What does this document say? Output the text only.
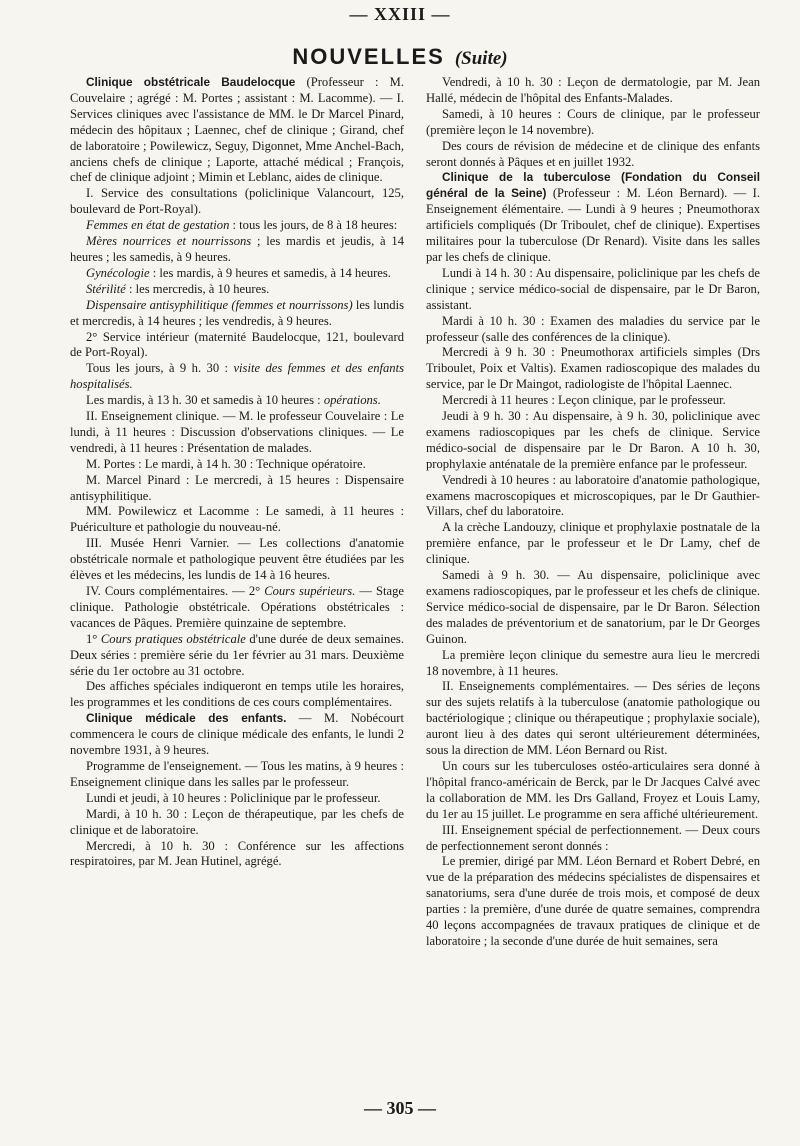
— XXIII —
NOUVELLES (Suite)

Clinique obstétricale Baudelocque (Professeur : M. Couvelaire ; agrégé : M. Portes ; assistant : M. Lacomme). — I. Services cliniques avec l'assistance de MM. le Dr Marcel Pinard, médecin des hôpitaux ; Laennec, chef de clinique ; Girand, chef de laboratoire ; Powilewicz, Seguy, Digonnet, Mme Anchel-Bach, anciens chefs de clinique ; Laporte, attaché médical ; François, chef de clinique adjoint ; Mimin et Leblanc, aides de clinique.

I. Service des consultations (policlinique Valancourt, 125, boulevard de Port-Royal).

Femmes en état de gestation : tous les jours, de 8 à 18 heures:

Mères nourrices et nourrissons ; les mardis et jeudis, à 14 heures ; les samedis, à 9 heures.

Gynécologie : les mardis, à 9 heures et samedis, à 14 heures.

Stérilité : les mercredis, à 10 heures.

Dispensaire antisyphilitique (femmes et nourrissons) les lundis et mercredis, à 14 heures ; les vendredis, à 9 heures.

2° Service intérieur (maternité Baudelocque, 121, boulevard de Port-Royal).

Tous les jours, à 9 h. 30 : visite des femmes et des enfants hospitalisés.

Les mardis, à 13 h. 30 et samedis à 10 heures : opérations.

II. Enseignement clinique. — M. le professeur Couvelaire : Le lundi, à 11 heures : Discussion d'observations cliniques. — Le vendredi, à 11 heures : Présentation de malades.

M. Portes : Le mardi, à 14 h. 30 : Technique opératoire.

M. Marcel Pinard : Le mercredi, à 15 heures : Dispensaire antisyphilitique.

MM. Powilewicz et Lacomme : Le samedi, à 11 heures : Puériculture et pathologie du nouveau-né.

III. Musée Henri Varnier. — Les collections d'anatomie obstétricale normale et pathologique peuvent être étudiées par les élèves et les médecins, les lundis de 14 à 16 heures.

IV. Cours complémentaires. — 2° Cours supérieurs. — Stage clinique. Pathologie obstétricale. Opérations obstétricales : vacances de Pâques. Première quinzaine de septembre.

1° Cours pratiques obstétricale d'une durée de deux semaines. Deux séries : première série du 1er février au 31 mars. Deuxième série du 1er octobre au 31 octobre.

Des affiches spéciales indiqueront en temps utile les horaires, les programmes et les conditions de ces cours complémentaires.

Clinique médicale des enfants. — M. Nobécourt commencera le cours de clinique médicale des enfants, le lundi 2 novembre 1931, à 9 heures.

Programme de l'enseignement. — Tous les matins, à 9 heures : Enseignement clinique dans les salles par le professeur.

Lundi et jeudi, à 10 heures : Policlinique par le professeur.

Mardi, à 10 h. 30 : Leçon de thérapeutique, par les chefs de clinique et de laboratoire.

Mercredi, à 10 h. 30 : Conférence sur les affections respiratoires, par M. Jean Hutinel, agrégé.

Vendredi, à 10 h. 30 : Leçon de dermatologie, par M. Jean Hallé, médecin de l'hôpital des Enfants-Malades.

Samedi, à 10 heures : Cours de clinique, par le professeur (première leçon le 14 novembre).

Des cours de révision de médecine et de clinique des enfants seront donnés à Pâques et en juillet 1932.

Clinique de la tuberculose (Fondation du Conseil général de la Seine) (Professeur : M. Léon Bernard). — I. Enseignement élémentaire. — Lundi à 9 heures ; Pneumothorax artificiels compliqués (Dr Triboulet, chef de clinique). Expertises militaires pour la tuberculose (Dr Renard). Visite dans les salles par les chefs de clinique.

Lundi à 14 h. 30 : Au dispensaire, policlinique par les chefs de clinique ; service médico-social de dispensaire, par le Dr Baron, assistant.

Mardi à 10 h. 30 : Examen des maladies du service par le professeur (salle des conférences de la clinique).

Mercredi à 9 h. 30 : Pneumothorax artificiels simples (Drs Triboulet, Poix et Valtis). Examen radioscopique des malades du service, par le Dr Maingot, radiologiste de l'hôpital Laennec.

Mercredi à 11 heures : Leçon clinique, par le professeur.

Jeudi à 9 h. 30 : Au dispensaire, à 9 h. 30, policlinique avec examens radioscopiques par les chefs de clinique. Service médico-social de dispensaire par le Dr Baron. A 10 h. 30, prophylaxie anténatale de la première enfance par le professeur.

Vendredi à 10 heures : au laboratoire d'anatomie pathologique, examens macroscopiques et microscopiques, par le Dr Gauthier-Villars, chef du laboratoire.

A la crèche Landouzy, clinique et prophylaxie postnatale de la première enfance, par le professeur et le Dr Lamy, chef de clinique.

Samedi à 9 h. 30. — Au dispensaire, policlinique avec examens radioscopiques, par le professeur et les chefs de clinique. Service médico-social de dispensaire, par le Dr Baron. Sélection des malades de préventorium et de sanatorium, par le Dr Georges Guinon.

La première leçon clinique du semestre aura lieu le mercredi 18 novembre, à 11 heures.

II. Enseignements complémentaires. — Des séries de leçons sur des sujets relatifs à la tuberculose (anatomie pathologique ou bactériologique ; clinique ou thérapeutique ; prophylaxie sociale), auront lieu à des dates qui seront ultérieurement déterminées, sous la direction de MM. Léon Bernard ou Rist.

Un cours sur les tuberculoses ostéo-articulaires sera donné à l'hôpital franco-américain de Berck, par le Dr Jacques Calvé avec la collaboration de MM. les Drs Galland, Froyez et Louis Lamy, du 1er au 15 juillet. Le programme en sera affiché ultérieurement.

III. Enseignement spécial de perfectionnement. — Deux cours de perfectionnement seront donnés :

Le premier, dirigé par MM. Léon Bernard et Robert Debré, en vue de la préparation des médecins spécialistes de dispensaires et sanatoriums, sera d'une durée de trois mois, et composé de deux parties : la première, d'une durée de quatre semaines, comprendra 40 leçons accompagnées de travaux pratiques de clinique et de laboratoire ; la seconde d'une durée de huit semaines, sera

— 305 —
